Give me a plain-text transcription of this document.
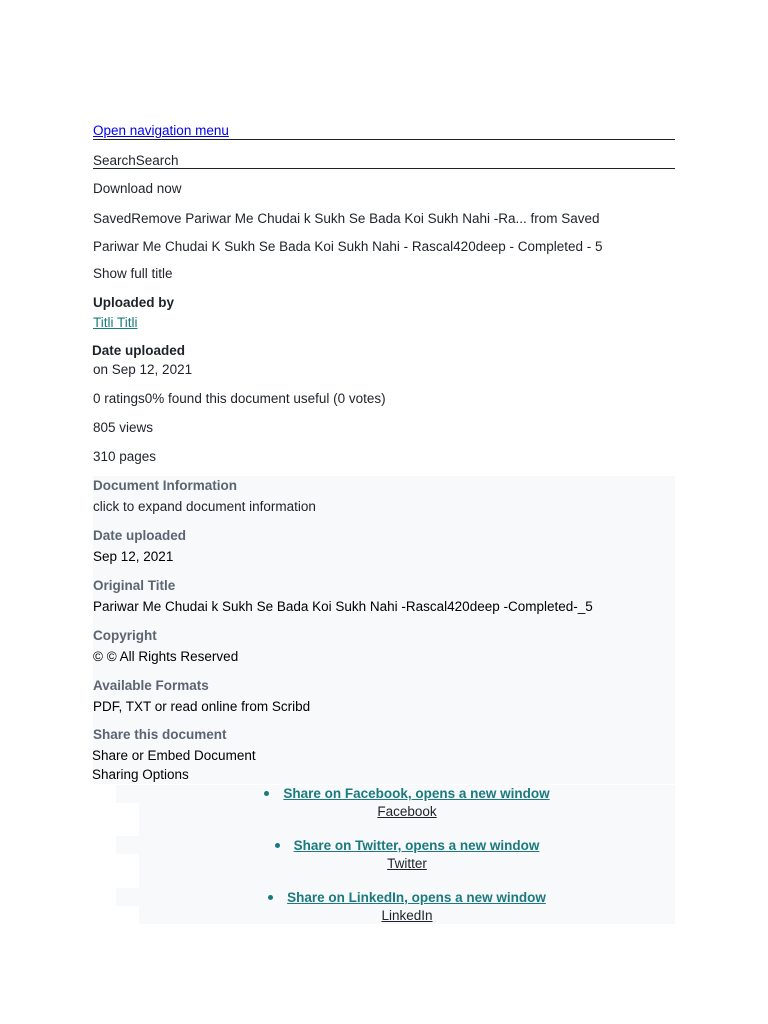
Open navigation menu
SearchSearch
Download now
SavedRemove Pariwar Me Chudai k Sukh Se Bada Koi Sukh Nahi -Ra... from Saved
Pariwar Me Chudai K Sukh Se Bada Koi Sukh Nahi - Rascal420deep - Completed - 5
Show full title
Uploaded by
Titli Titli
Date uploaded
on Sep 12, 2021
0 ratings0% found this document useful (0 votes)
805 views
310 pages
Document Information
click to expand document information
Date uploaded
Sep 12, 2021
Original Title
Pariwar Me Chudai k Sukh Se Bada Koi Sukh Nahi -Rascal420deep -Completed-_5
Copyright
© © All Rights Reserved
Available Formats
PDF, TXT or read online from Scribd
Share this document
Share or Embed Document
Sharing Options
Share on Facebook, opens a new window
Facebook
Share on Twitter, opens a new window
Twitter
Share on LinkedIn, opens a new window
LinkedIn
